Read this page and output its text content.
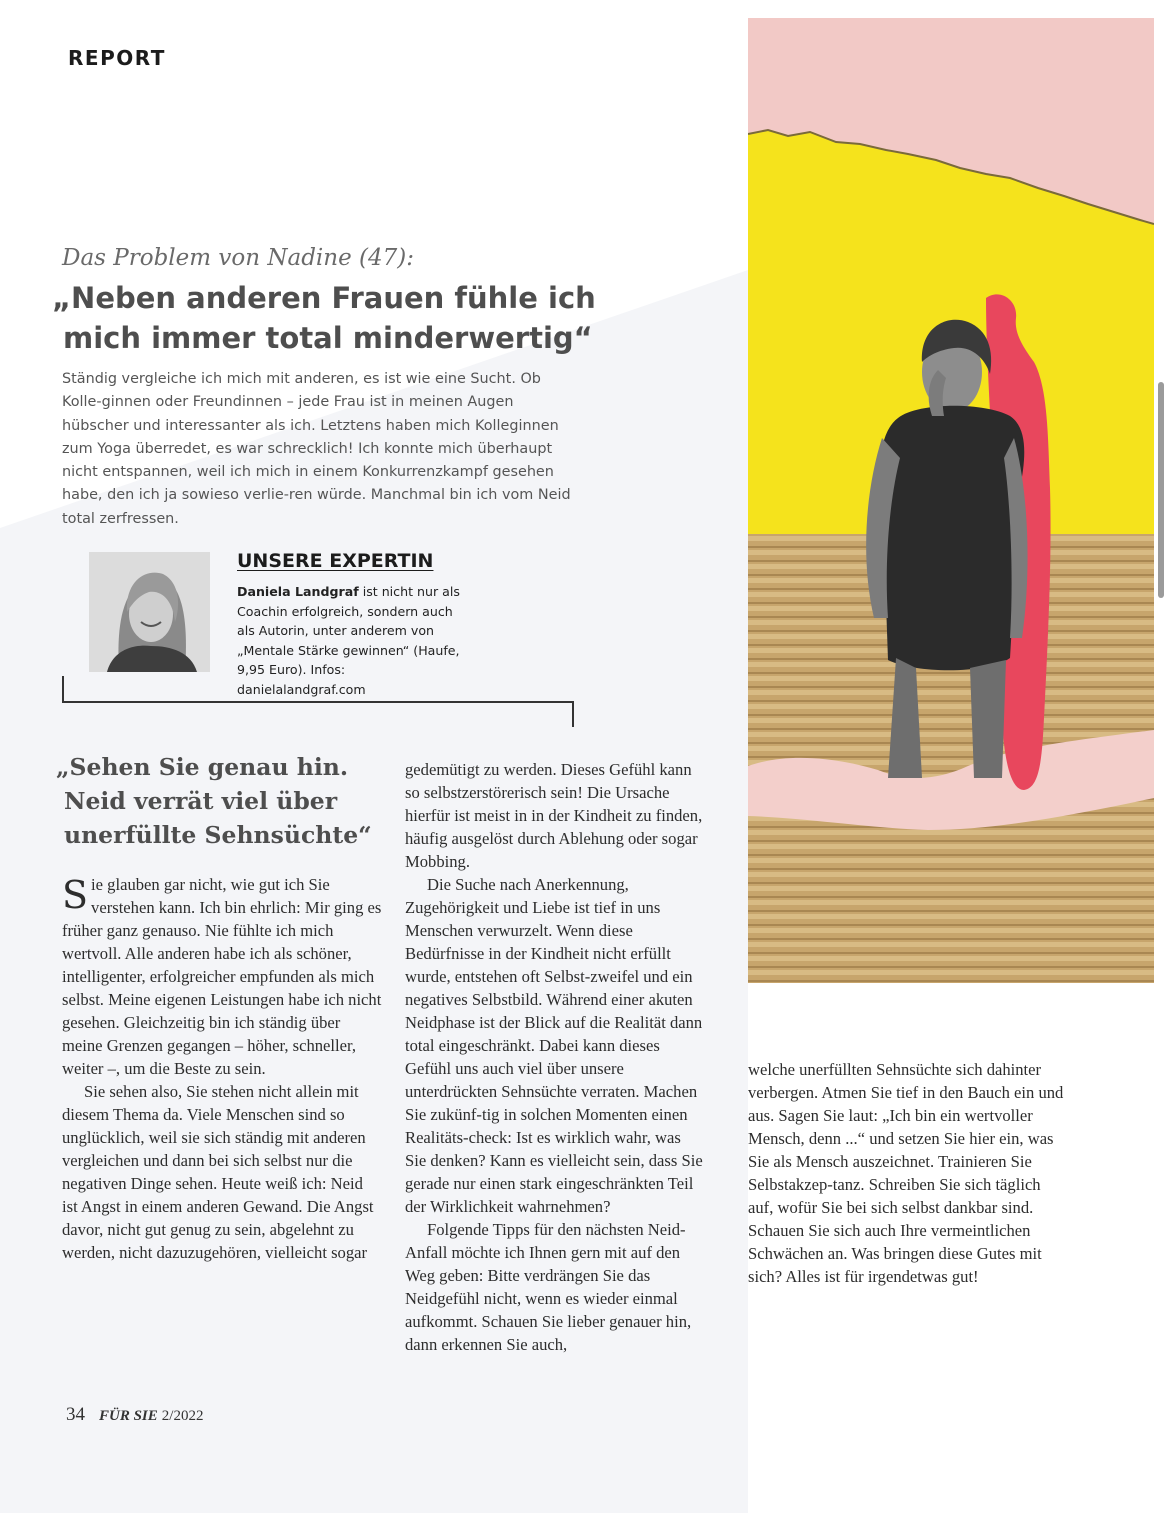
REPORT
Das Problem von Nadine (47):
„Neben anderen Frauen fühle ich
mich immer total minderwertig“

Ständig vergleiche ich mich mit anderen, es ist wie eine Sucht. Ob Kolle-ginnen oder Freundinnen – jede Frau ist in meinen Augen hübscher und interessanter als ich. Letztens haben mich Kolleginnen zum Yoga überredet, es war schrecklich! Ich konnte mich überhaupt nicht entspannen, weil ich mich in einem Konkurrenzkampf gesehen habe, den ich ja sowieso verlie-ren würde. Manchmal bin ich vom Neid total zerfressen.

UNSERE EXPERTIN

Daniela Landgraf ist nicht nur als Coachin erfolgreich, sondern auch als Autorin, unter anderem von „Mentale Stärke gewinnen“ (Haufe, 9,95 Euro). Infos: danielalandgraf.com

„Sehen Sie genau hin.
Neid verrät viel über
unerfüllte Sehnsüchte“

Sie glauben gar nicht, wie gut ich Sie verstehen kann. Ich bin ehrlich: Mir ging es früher ganz genauso. Nie fühlte ich mich wertvoll. Alle anderen habe ich als schöner, intelligenter, erfolgreicher empfunden als mich selbst. Meine eigenen Leistungen habe ich nicht gesehen. Gleichzeitig bin ich ständig über meine Grenzen gegangen – höher, schneller, weiter –, um die Beste zu sein.

Sie sehen also, Sie stehen nicht allein mit diesem Thema da. Viele Menschen sind so unglücklich, weil sie sich ständig mit anderen vergleichen und dann bei sich selbst nur die negativen Dinge sehen. Heute weiß ich: Neid ist Angst in einem anderen Gewand. Die Angst davor, nicht gut genug zu sein, abgelehnt zu werden, nicht dazuzugehören, vielleicht sogar

gedemütigt zu werden. Dieses Gefühl kann so selbstzerstörerisch sein! Die Ursache hierfür ist meist in in der Kindheit zu finden, häufig ausgelöst durch Ablehung oder sogar Mobbing.

Die Suche nach Anerkennung, Zugehörigkeit und Liebe ist tief in uns Menschen verwurzelt. Wenn diese Bedürfnisse in der Kindheit nicht erfüllt wurde, entstehen oft Selbst-zweifel und ein negatives Selbstbild. Während einer akuten Neidphase ist der Blick auf die Realität dann total eingeschränkt. Dabei kann dieses Gefühl uns auch viel über unsere unterdrückten Sehnsüchte verraten. Machen Sie zukünf-tig in solchen Momenten einen Realitäts-check: Ist es wirklich wahr, was Sie denken? Kann es vielleicht sein, dass Sie gerade nur einen stark eingeschränkten Teil der Wirklichkeit wahrnehmen?

Folgende Tipps für den nächsten Neid-Anfall möchte ich Ihnen gern mit auf den Weg geben: Bitte verdrängen Sie das Neidgefühl nicht, wenn es wieder einmal aufkommt. Schauen Sie lieber genauer hin, dann erkennen Sie auch,

welche unerfüllten Sehnsüchte sich dahinter verbergen. Atmen Sie tief in den Bauch ein und aus. Sagen Sie laut: „Ich bin ein wertvoller Mensch, denn ...“ und setzen Sie hier ein, was Sie als Mensch auszeichnet. Trainieren Sie Selbstakzep-tanz. Schreiben Sie sich täglich auf, wofür Sie bei sich selbst dankbar sind. Schauen Sie sich auch Ihre vermeintlichen Schwächen an. Was bringen diese Gutes mit sich? Alles ist für irgendetwas gut!

34 FÜR SIE 2/2022
